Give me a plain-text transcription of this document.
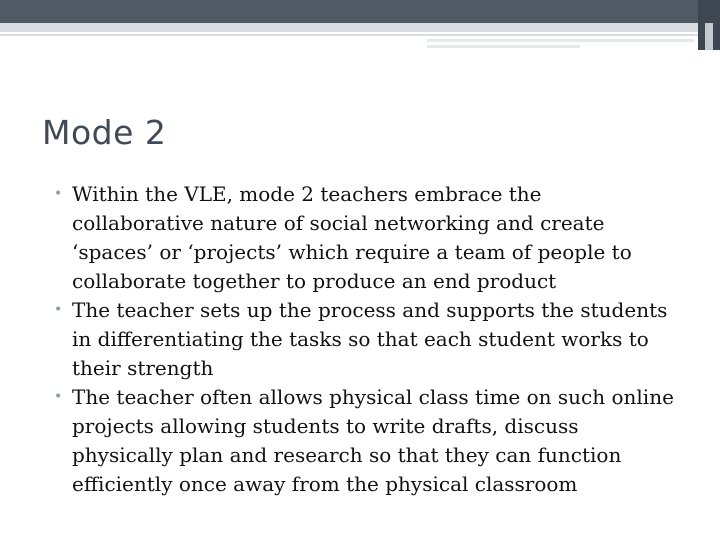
Mode 2
• Within the VLE, mode 2 teachers embrace the collaborative nature of social networking and create ‘spaces’ or ‘projects’ which require a team of people to collaborate together to produce an end product
• The teacher sets up the process and supports the students in differentiating the tasks so that each student works to their strength
• The teacher often allows physical class time on such online projects allowing students to write drafts, discuss physically plan and research so that they can function efficiently once away from the physical classroom
